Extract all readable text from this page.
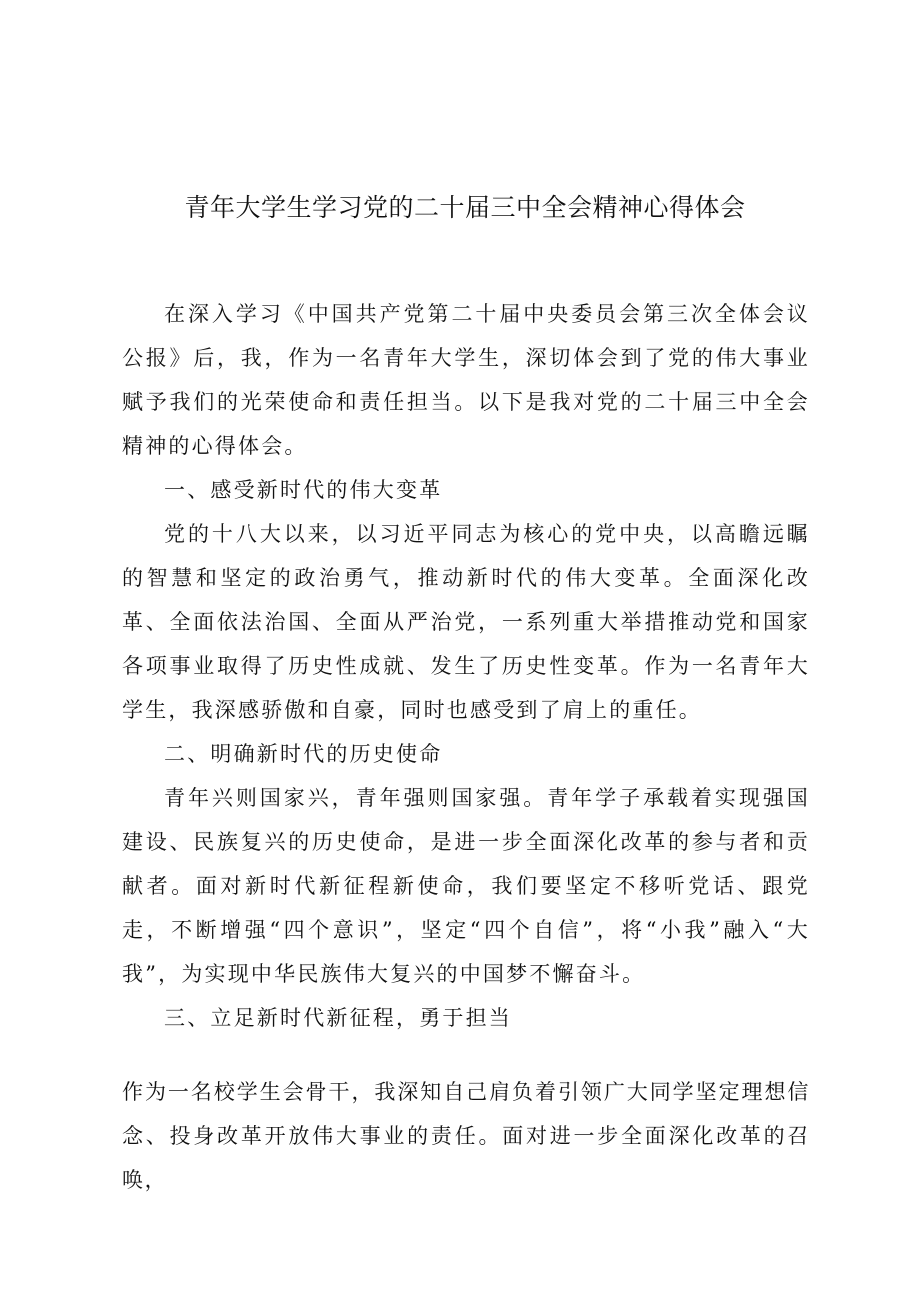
青年大学生学习党的二十届三中全会精神心得体会

在深入学习《中国共产党第二十届中央委员会第三次全体会议公报》后，我，作为一名青年大学生，深切体会到了党的伟大事业赋予我们的光荣使命和责任担当。以下是我对党的二十届三中全会精神的心得体会。

一、感受新时代的伟大变革

党的十八大以来，以习近平同志为核心的党中央，以高瞻远瞩的智慧和坚定的政治勇气，推动新时代的伟大变革。全面深化改革、全面依法治国、全面从严治党，一系列重大举措推动党和国家各项事业取得了历史性成就、发生了历史性变革。作为一名青年大学生，我深感骄傲和自豪，同时也感受到了肩上的重任。

二、明确新时代的历史使命

青年兴则国家兴，青年强则国家强。青年学子承载着实现强国建设、民族复兴的历史使命，是进一步全面深化改革的参与者和贡献者。面对新时代新征程新使命，我们要坚定不移听党话、跟党走，不断增强“四个意识”，坚定“四个自信”，将“小我”融入“大我”，为实现中华民族伟大复兴的中国梦不懈奋斗。

三、立足新时代新征程，勇于担当

作为一名校学生会骨干，我深知自己肩负着引领广大同学坚定理想信念、投身改革开放伟大事业的责任。面对进一步全面深化改革的召唤，
